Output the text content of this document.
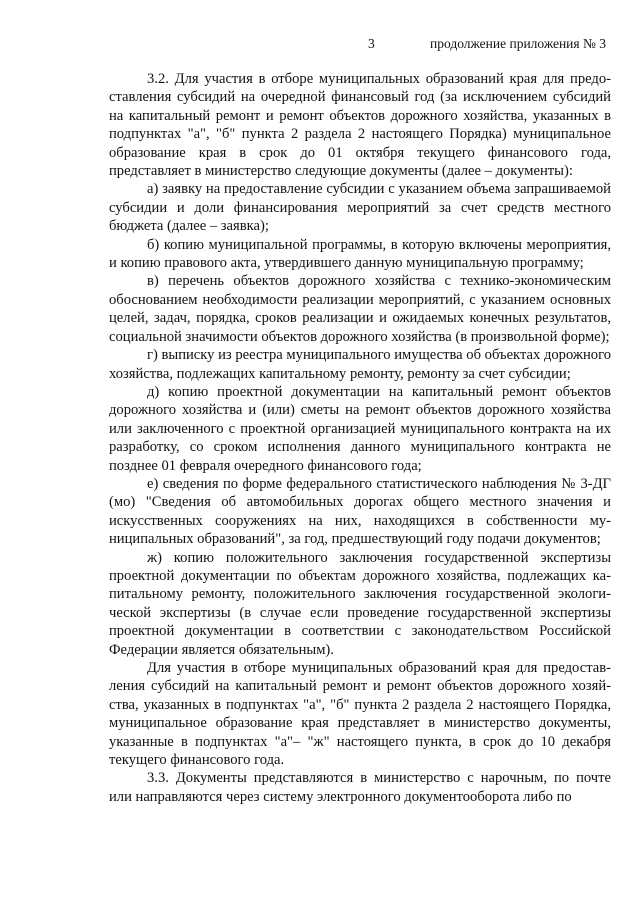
3	продолжение приложения № 3

3.2. Для участия в отборе муниципальных образований края для предоставления субсидий на очередной финансовый год (за исключением субсидий на капитальный ремонт и ремонт объектов дорожного хозяйства, указанных в подпунктах "а", "б" пункта 2 раздела 2 настоящего Порядка) муниципальное образование края в срок до 01 октября текущего финансового года, представляет в министерство следующие документы (далее – документы):

а) заявку на предоставление субсидии с указанием объема запрашиваемой субсидии и доли финансирования мероприятий за счет средств местного бюджета (далее – заявка);

б) копию муниципальной программы, в которую включены мероприятия, и копию правового акта, утвердившего данную муниципальную программу;

в) перечень объектов дорожного хозяйства с технико-экономическим обоснованием необходимости реализации мероприятий, с указанием основных целей, задач, порядка, сроков реализации и ожидаемых конечных результатов, социальной значимости объектов дорожного хозяйства (в произвольной форме);

г) выписку из реестра муниципального имущества об объектах дорожного хозяйства, подлежащих капитальному ремонту, ремонту за счет субсидии;

д) копию проектной документации на капитальный ремонт объектов дорожного хозяйства и (или) сметы на ремонт объектов дорожного хозяйства или заключенного с проектной организацией муниципального контракта на их разработку, со сроком исполнения данного муниципального контракта не позднее 01 февраля очередного финансового года;

е) сведения по форме федерального статистического наблюдения № 3-ДГ (мо) "Сведения об автомобильных дорогах общего местного значения и искусственных сооружениях на них, находящихся в собственности муниципальных образований", за год, предшествующий году подачи документов;

ж) копию положительного заключения государственной экспертизы проектной документации по объектам дорожного хозяйства, подлежащих капитальному ремонту, положительного заключения государственной экологической экспертизы (в случае если проведение государственной экспертизы проектной документации в соответствии с законодательством Российской Федерации является обязательным).

Для участия в отборе муниципальных образований края для предоставления субсидий на капитальный ремонт и ремонт объектов дорожного хозяйства, указанных в подпунктах "а", "б" пункта 2 раздела 2 настоящего Порядка, муниципальное образование края представляет в министерство документы, указанные в подпунктах "а"– "ж" настоящего пункта, в срок до 10 декабря текущего финансового года.

3.3. Документы представляются в министерство с нарочным, по почте или направляются через систему электронного документооборота либо по
